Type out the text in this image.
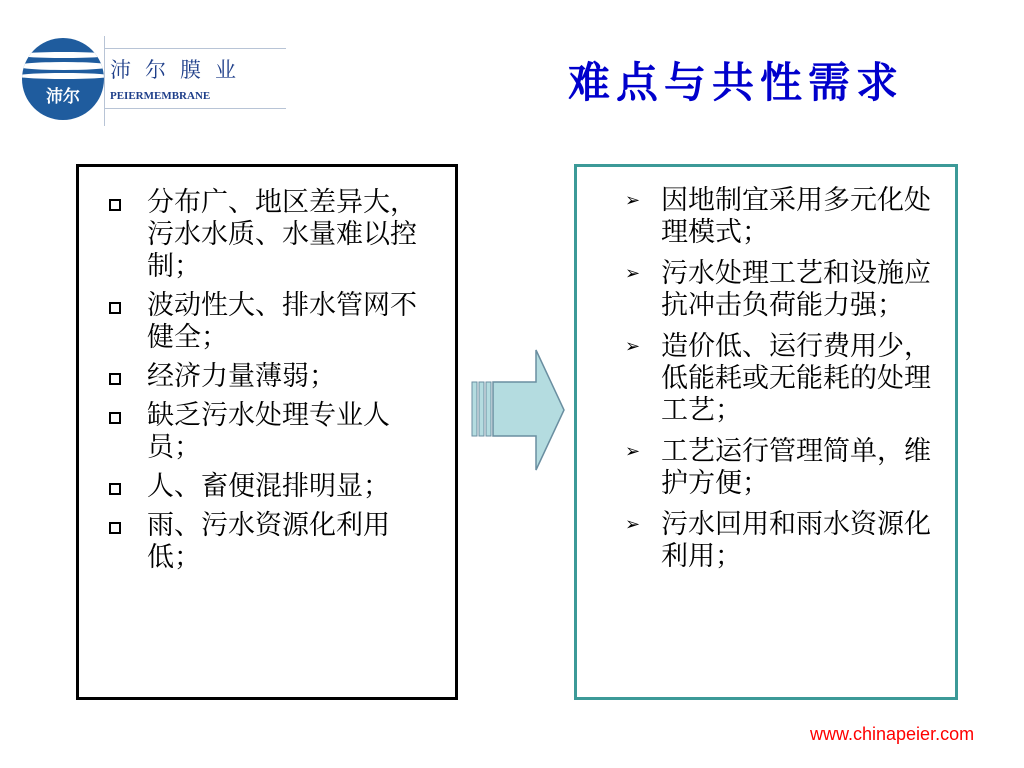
沛尔
沛尔膜业
PEIERMEMBRANE	难点与共性需求
分布广、地区差异大，污水水质、水量难以控制；
波动性大、排水管网不健全；
经济力量薄弱；
缺乏污水处理专业人员；
人、畜便混排明显；
雨、污水资源化利用低；
➢ 因地制宜采用多元化处理模式；
➢ 污水处理工艺和设施应抗冲击负荷能力强；
➢ 造价低、运行费用少，低能耗或无能耗的处理工艺；
➢ 工艺运行管理简单，维护方便；
➢ 污水回用和雨水资源化利用；
www.chinapeier.com
